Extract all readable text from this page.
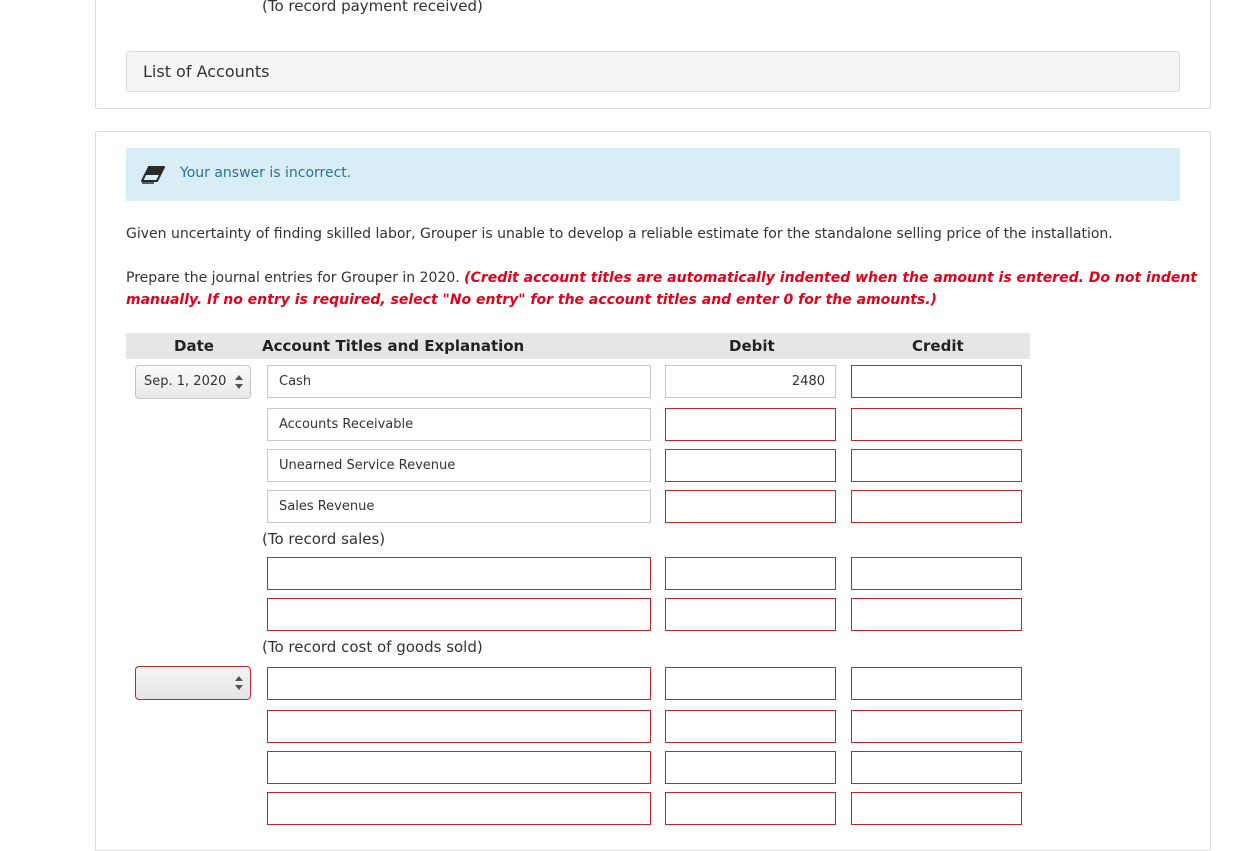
(To record payment received)
List of Accounts
Your answer is incorrect.
Given uncertainty of finding skilled labor, Grouper is unable to develop a reliable estimate for the standalone selling price of the installation.
Prepare the journal entries for Grouper in 2020. (Credit account titles are automatically indented when the amount is entered. Do not indent
manually. If no entry is required, select "No entry" for the account titles and enter 0 for the amounts.)
Date	Account Titles and Explanation	Debit	Credit
Sep. 1, 2020	Cash	2480
Accounts Receivable
Unearned Service Revenue
Sales Revenue
(To record sales)
(To record cost of goods sold)
